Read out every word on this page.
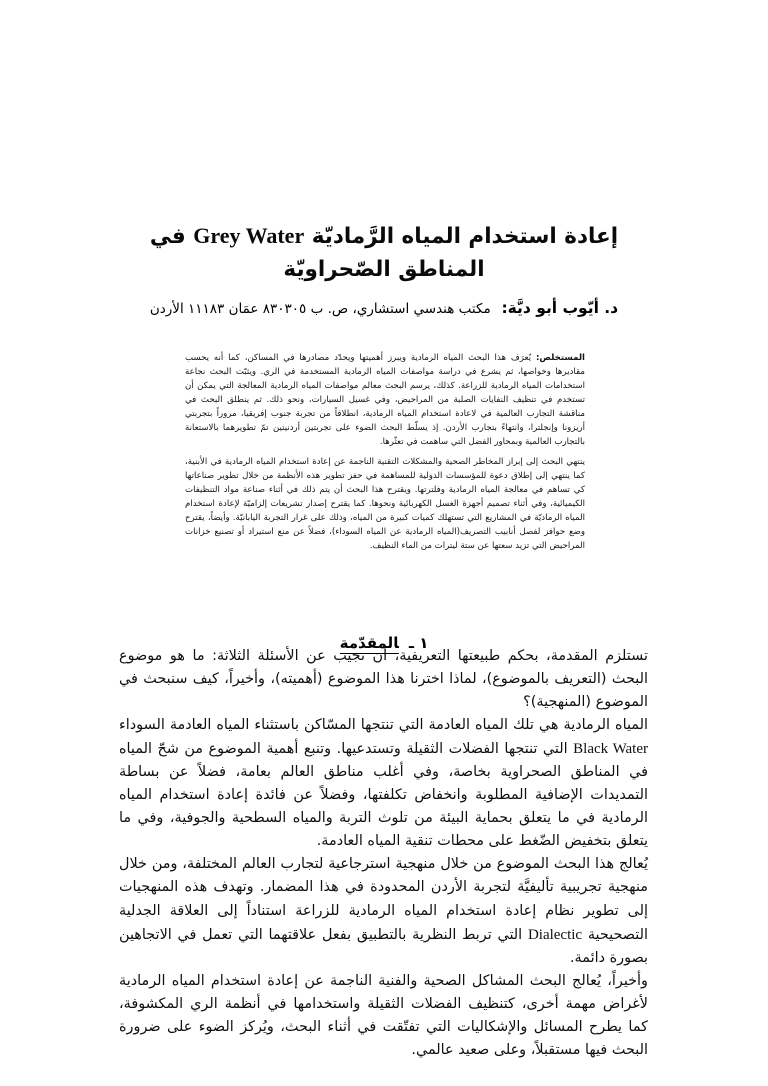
إعادة استخدام المياه الرَّماديّة Grey Water في
المناطق الصّحراويّة
د. أيّوب أبو ديَّة: مكتب هندسي استشاري، ص. ب ٨٣٠٣٠٥ عمَان ١١١٨٣ الأردن

المستخلص: يُعرَف هذا البحث المياه الرمادية ويبرز أهميتها ويحدّد مصادرها في المساكن، كما أنه يحسب مقاديرها وخواصها، ثم يشرع في دراسة مواصفات المياه الرمادية المستخدمة في الري. ويثبّت البحث نجاعة استخدامات المياه الرمادية للزراعة. كذلك، يرسم البحث معالم مواصفات المياه الرمادية المعالجة التي يمكن أن تستخدم في تنظيف النفايات الصلبة من المراحيض، وفي غسيل السيارات، ونحو ذلك. ثم ينطلق البحث في مناقشة التجارب العالمية في لاعادة استخدام المياه الرمادية، انطلاقاً من تجربة جنوب إفريقيا، مروراً بتجربتي أريزونا وإنجلترا، وانتهاءً بتجارب الأردن. إذ يسلّط البحث الضوء على تجربتين أردنيتين تمّ تطويرهما بالاستعانة بالتجارب العالمية وبمحاور الفضل التي ساهمت في تعثّرها.

ينتهي البحث إلى إبراز المخاطر الصحية والمشكلات التقنية الناجمة عن إعادة استخدام المياه الرمادية في الأبنية، كما ينتهي إلى إطلاق دعوة للمؤسسات الدولية للمساهمة في حفز تطوير هذه الأنظمة من خلال تطوير صناعاتها كي تساهم في معالجة المياه الرمادية وفلترتها. ويقترح هذا البحث أن يتم ذلك في أثناء صناعة مواد التنظيفات الكيميائية، وفي أثناء تصميم أجهزة الغسل الكهربائية ونحوها. كما يقترح إصدار تشريعات إلزاميّة لإعادة استخدام المياه الرماديّة في المشاريع التي تستهلك كميات كبيرة من المياه، وذلك على غرار التجربة اليابانيّة. وأيضاً، يقترح وضع حوافز لفصل أنابيب التصريف(المياه الرمادية عن المياه السوداء)، فضلاً عن منع استيراد أو تصنيع خزانات المراحيض التي تزيد سعتها عن ستة ليترات من الماء النظيف.

١ ـالمقدّمة

تستلزم المقدمة، بحكم طبيعتها التعريفية، أن تجيب عن الأسئلة الثلاثة: ما هو موضوع البحث (التعريف بالموضوع)، لماذا اخترنا هذا الموضوع (أهميته)، وأخيراً، كيف سنبحث في الموضوع (المنهجية)؟

المياه الرمادية هي تلك المياه العادمة التي تنتجها المسّاكن باستثناء المياه العادمة السوداء Black Water التي تنتجها الفضلات الثقيلة وتستدعيها. وتنبع أهمية الموضوع من شحّ المياه في المناطق الصحراوية بخاصة، وفي أغلب مناطق العالم بعامة، فضلاً عن بساطة التمديدات الإضافية المطلوبة وانخفاض تكلفتها، وفضلاً عن فائدة إعادة استخدام المياه الرمادية في ما يتعلق بحماية البيئة من تلوث التربة والمياه السطحية والجوفية، وفي ما يتعلق بتخفيض الضّغط على محطات تنقية المياه العادمة.

يُعالج هذا البحث الموضوع من خلال منهجية استرجاعية لتجارب العالم المختلفة، ومن خلال منهجية تجريبية تأليفيَّة لتجربة الأردن المحدودة في هذا المضمار. وتهدف هذه المنهجيات إلى تطوير نظام إعادة استخدام المياه الرمادية للزراعة استناداً إلى العلاقة الجدلية التصحيحية Dialectic التي تربط النظرية بالتطبيق بفعل علاقتهما التي تعمل في الاتجاهين بصورة دائمة.

وأخيراً، يُعالج البحث المشاكل الصحية والفنية الناجمة عن إعادة استخدام المياه الرمادية لأغراض مهمة أخرى، كتنظيف الفضلات الثقيلة واستخدامها في أنظمة الري المكشوفة، كما يطرح المسائل والإشكاليات التي تفتّقت في أثناء البحث، ويُركز الضوء على ضرورة البحث فيها مستقبلاً، وعلى صعيد عالمي.
